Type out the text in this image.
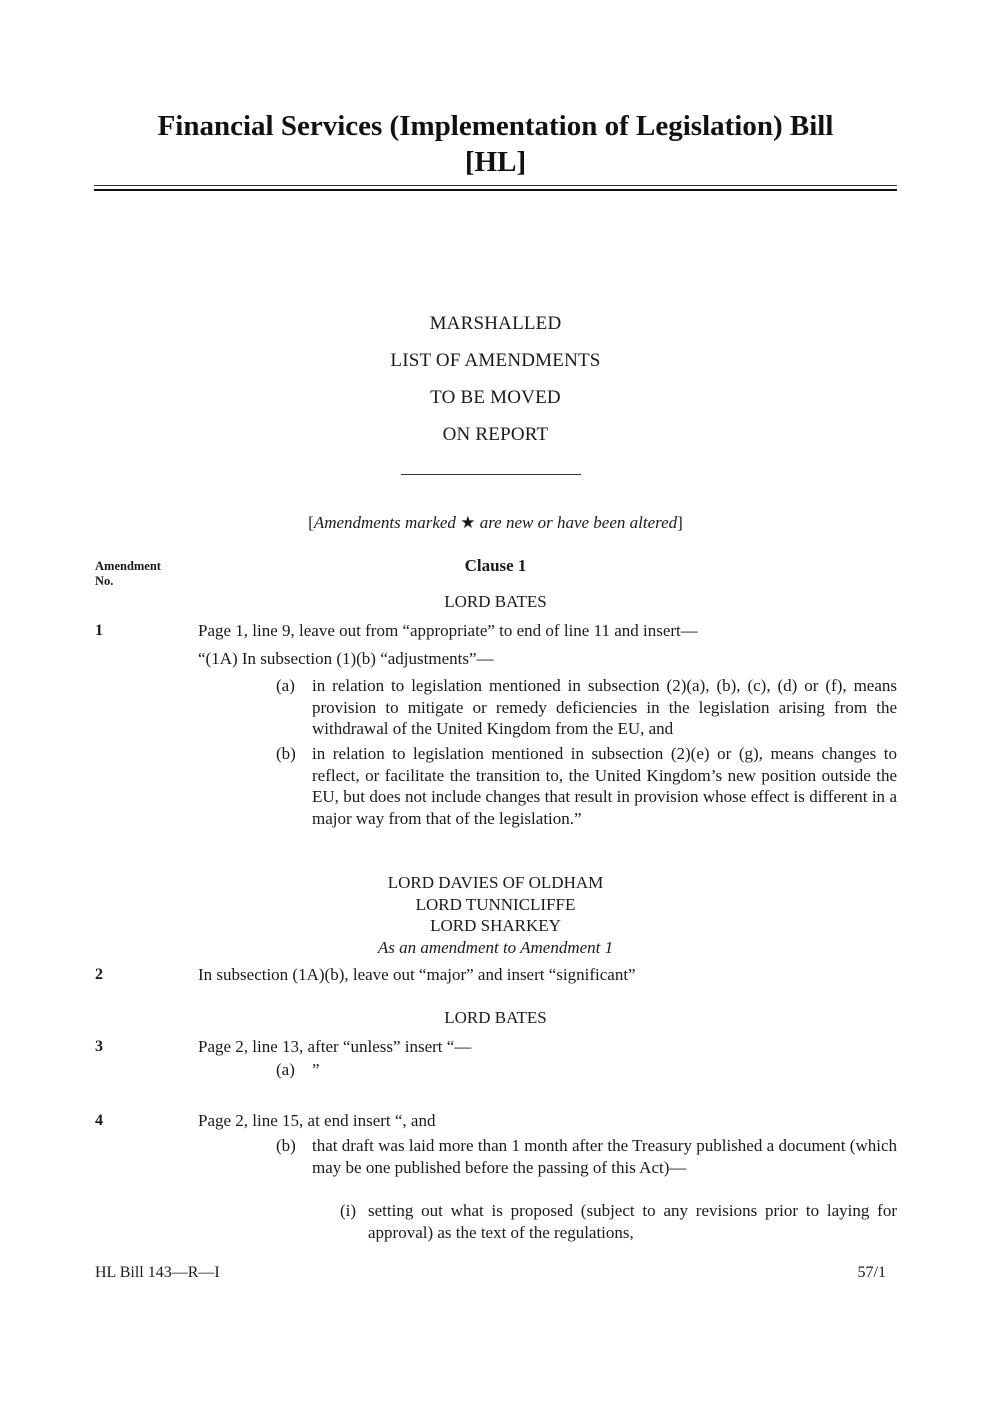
Financial Services (Implementation of Legislation) Bill
[HL]
MARSHALLED
LIST OF AMENDMENTS
TO BE MOVED
ON REPORT
[Amendments marked ★ are new or have been altered]
Amendment
No.
Clause 1
LORD BATES
1	Page 1, line 9, leave out from “appropriate” to end of line 11 and insert—
“(1A) In subsection (1)(b) “adjustments”—
(a) in relation to legislation mentioned in subsection (2)(a), (b), (c), (d) or (f), means provision to mitigate or remedy deficiencies in the legislation arising from the withdrawal of the United Kingdom from the EU, and
(b) in relation to legislation mentioned in subsection (2)(e) or (g), means changes to reflect, or facilitate the transition to, the United Kingdom’s new position outside the EU, but does not include changes that result in provision whose effect is different in a major way from that of the legislation.”
LORD DAVIES OF OLDHAM
LORD TUNNICLIFFE
LORD SHARKEY
As an amendment to Amendment 1
2	In subsection (1A)(b), leave out “major” and insert “significant”
LORD BATES
3	Page 2, line 13, after “unless” insert “—
(a) ”
4	Page 2, line 15, at end insert “, and
(b) that draft was laid more than 1 month after the Treasury published a document (which may be one published before the passing of this Act)—
(i) setting out what is proposed (subject to any revisions prior to laying for approval) as the text of the regulations,
HL Bill 143—R—I	57/1
